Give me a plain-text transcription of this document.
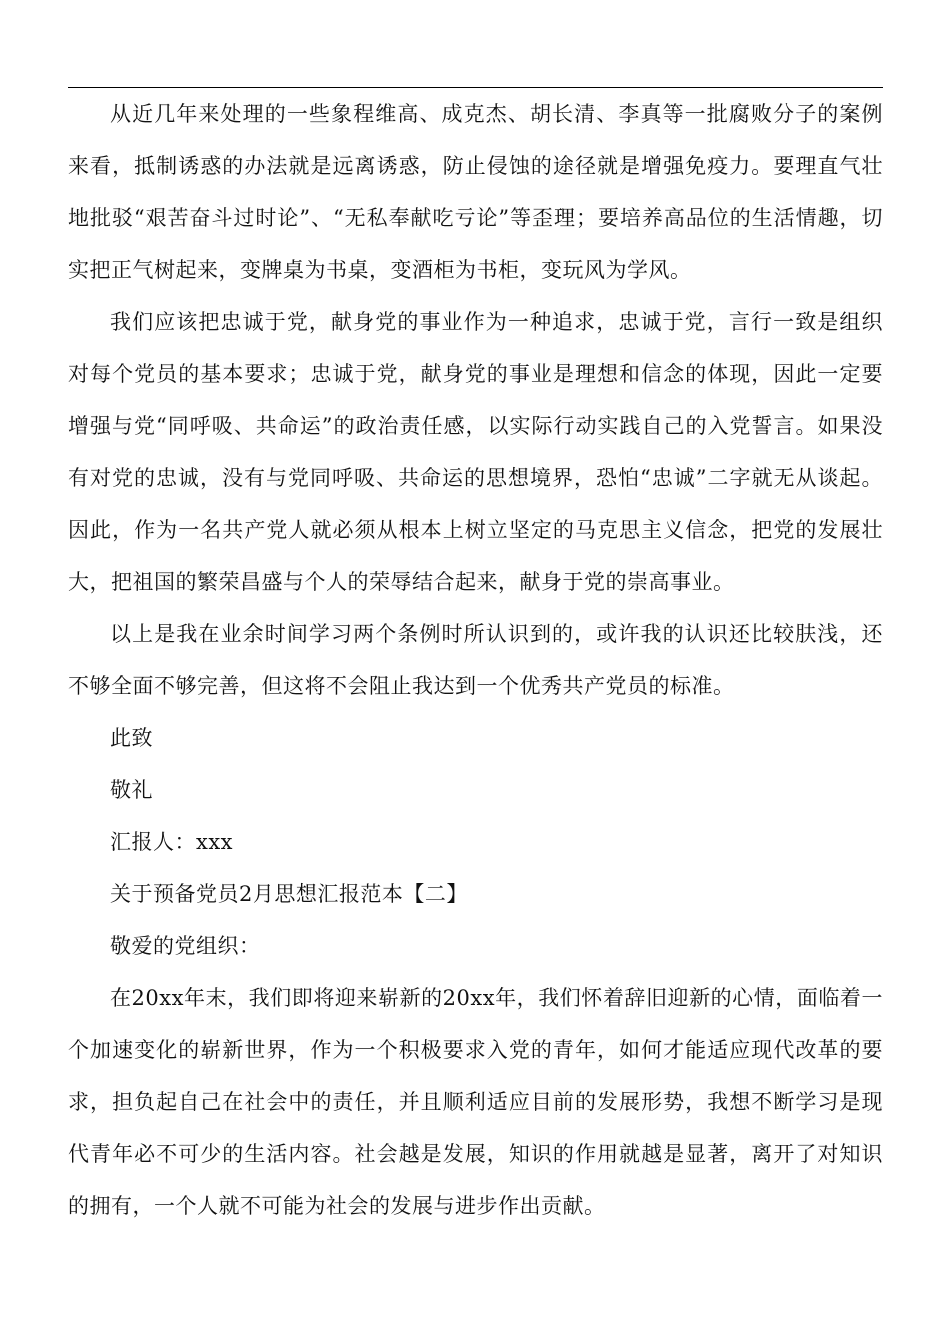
从近几年来处理的一些象程维高、成克杰、胡长清、李真等一批腐败分子的案例来看，抵制诱惑的办法就是远离诱惑，防止侵蚀的途径就是增强免疫力。要理直气壮地批驳“艰苦奋斗过时论”、“无私奉献吃亏论”等歪理；要培养高品位的生活情趣，切实把正气树起来，变牌桌为书桌，变酒柜为书柜，变玩风为学风。

我们应该把忠诚于党，献身党的事业作为一种追求，忠诚于党，言行一致是组织对每个党员的基本要求；忠诚于党，献身党的事业是理想和信念的体现，因此一定要增强与党“同呼吸、共命运”的政治责任感，以实际行动实践自己的入党誓言。如果没有对党的忠诚，没有与党同呼吸、共命运的思想境界，恐怕“忠诚”二字就无从谈起。因此，作为一名共产党人就必须从根本上树立坚定的马克思主义信念，把党的发展壮大，把祖国的繁荣昌盛与个人的荣辱结合起来，献身于党的崇高事业。

以上是我在业余时间学习两个条例时所认识到的，或许我的认识还比较肤浅，还不够全面不够完善，但这将不会阻止我达到一个优秀共产党员的标准。

此致

敬礼

汇报人：xxx

关于预备党员2月思想汇报范本【二】

敬爱的党组织：

在20xx年末，我们即将迎来崭新的20xx年，我们怀着辞旧迎新的心情，面临着一个加速变化的崭新世界，作为一个积极要求入党的青年，如何才能适应现代改革的要求，担负起自己在社会中的责任，并且顺利适应目前的发展形势，我想不断学习是现代青年必不可少的生活内容。社会越是发展，知识的作用就越是显著，离开了对知识的拥有，一个人就不可能为社会的发展与进步作出贡献。
